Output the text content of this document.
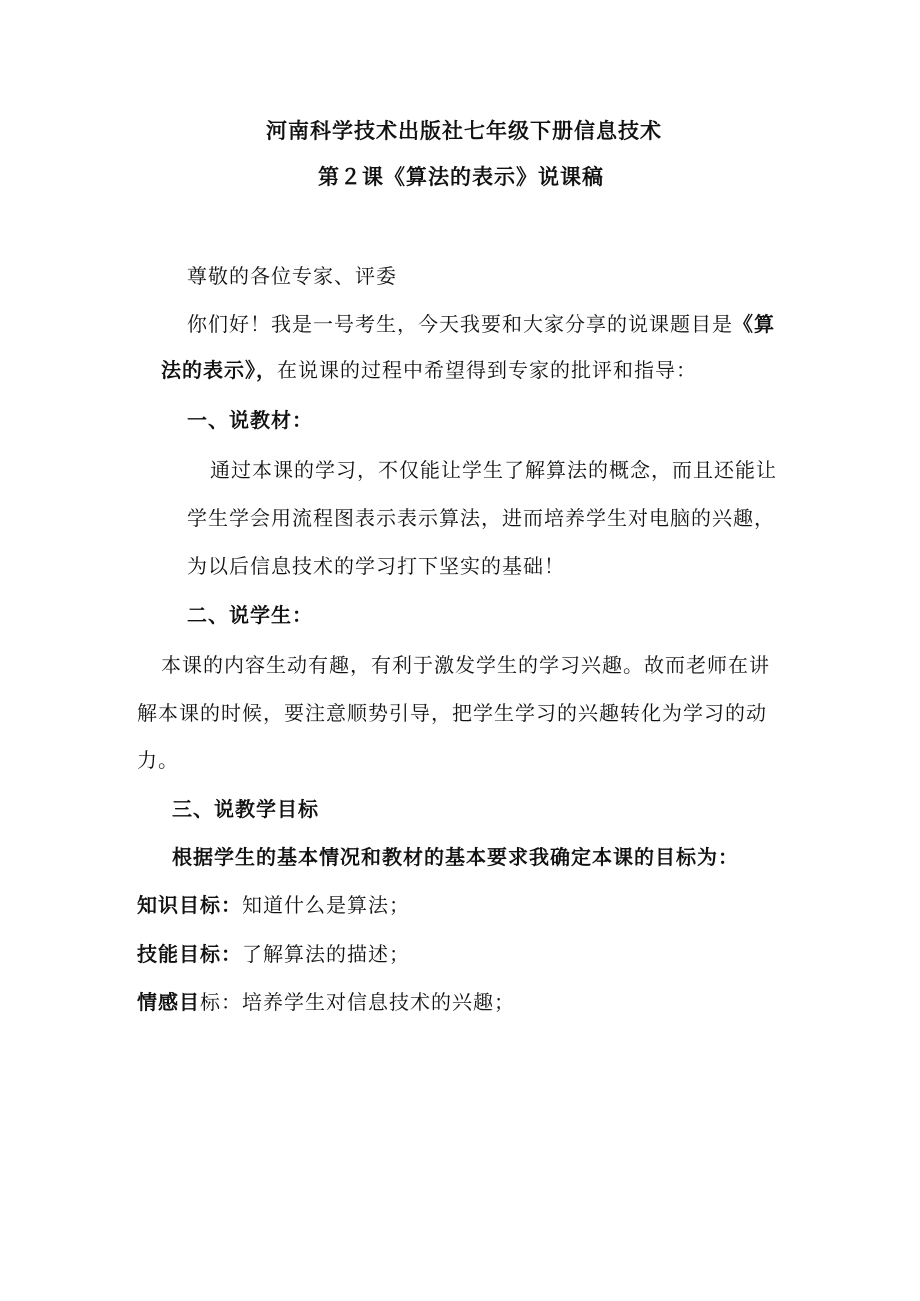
河南科学技术出版社七年级下册信息技术
第２课《算法的表示》说课稿
尊敬的各位专家、评委
你们好！我是一号考生，今天我要和大家分享的说课题目是《算
法的表示》，在说课的过程中希望得到专家的批评和指导：
一、说教材：
通过本课的学习，不仅能让学生了解算法的概念，而且还能让
学生学会用流程图表示表示算法，进而培养学生对电脑的兴趣，
为以后信息技术的学习打下坚实的基础！
二、说学生：
本课的内容生动有趣，有利于激发学生的学习兴趣。故而老师在讲
解本课的时候，要注意顺势引导，把学生学习的兴趣转化为学习的动
力。
三、说教学目标
根据学生的基本情况和教材的基本要求我确定本课的目标为：
知识目标：知道什么是算法；
技能目标：了解算法的描述；
情感目标：培养学生对信息技术的兴趣；
